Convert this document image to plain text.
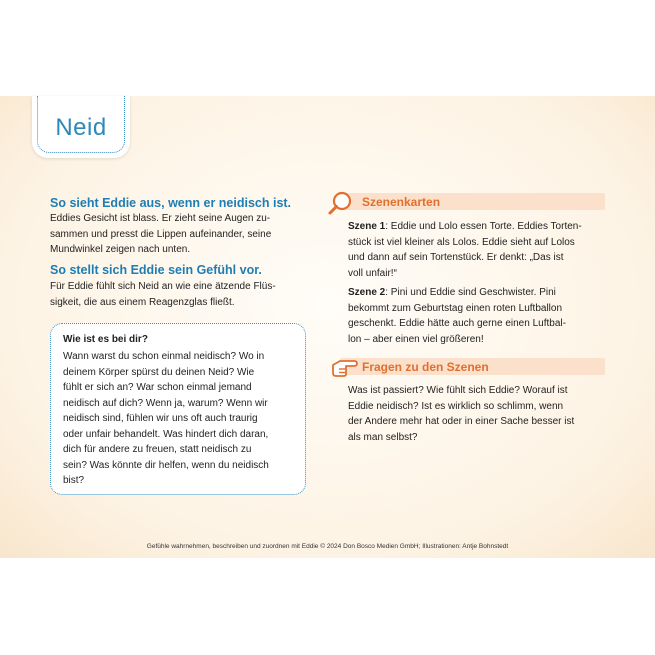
Neid
So sieht Eddie aus, wenn er neidisch ist.
Eddies Gesicht ist blass. Er zieht seine Augen zu-
sammen und presst die Lippen aufeinander, seine
Mundwinkel zeigen nach unten.
So stellt sich Eddie sein Gefühl vor.
Für Eddie fühlt sich Neid an wie eine ätzende Flüs-
sigkeit, die aus einem Reagenzglas fließt.
Wie ist es bei dir?
Wann warst du schon einmal neidisch? Wo in
deinem Körper spürst du deinen Neid? Wie
fühlt er sich an? War schon einmal jemand
neidisch auf dich? Wenn ja, warum? Wenn wir
neidisch sind, fühlen wir uns oft auch traurig
oder unfair behandelt. Was hindert dich daran,
dich für andere zu freuen, statt neidisch zu
sein? Was könnte dir helfen, wenn du neidisch
bist?
Szenenkarten
Szene 1: Eddie und Lolo essen Torte. Eddies Torten-
stück ist viel kleiner als Lolos. Eddie sieht auf Lolos
und dann auf sein Tortenstück. Er denkt: „Das ist
voll unfair!“
Szene 2: Pini und Eddie sind Geschwister. Pini
bekommt zum Geburtstag einen roten Luftballon
geschenkt. Eddie hätte auch gerne einen Luftbal-
lon – aber einen viel größeren!
Fragen zu den Szenen
Was ist passiert? Wie fühlt sich Eddie? Worauf ist
Eddie neidisch? Ist es wirklich so schlimm, wenn
der Andere mehr hat oder in einer Sache besser ist
als man selbst?
Gefühle wahrnehmen, beschreiben und zuordnen mit Eddie © 2024 Don Bosco Medien GmbH; Illustrationen: Antje Bohnstedt
